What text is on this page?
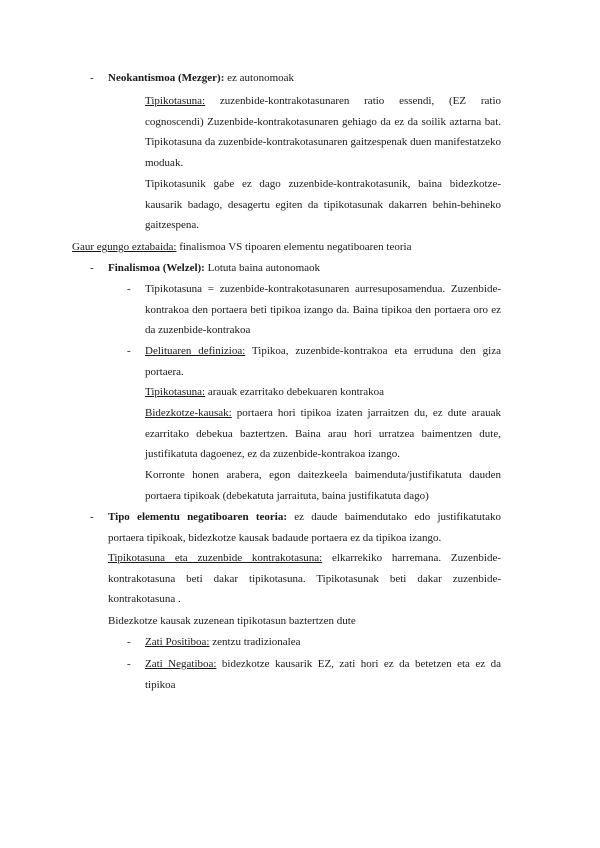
- Neokantismoa (Mezger): ez autonomoak
Tipikotasuna: zuzenbide-kontrakotasunaren ratio essendi, (EZ ratio cognoscendi) Zuzenbide-kontrakotasunaren gehiago da ez da soilik aztarna bat. Tipikotasuna da zuzenbide-kontrakotasunaren gaitzespenak duen manifestatzeko moduak.
Tipikotasunik gabe ez dago zuzenbide-kontrakotasunik, baina bidezkotze-kausarik badago, desagertu egiten da tipikotasunak dakarren behin-behineko gaitzespena.
Gaur egungo eztabaida: finalismoa VS tipoaren elementu negatiboaren teoria
- Finalismoa (Welzel): Lotuta baina autonomaok
- Tipikotasuna = zuzenbide-kontrakotasunaren aurresuposamendua. Zuzenbide-kontrakoa den portaera beti tipikoa izango da. Baina tipikoa den portaera oro ez da zuzenbide-kontrakoa
- Delituaren definizioa: Tipikoa, zuzenbide-kontrakoa eta erruduna den giza portaera.
Tipikotasuna: arauak ezarritako debekuaren kontrakoa
Bidezkotze-kausak: portaera hori tipikoa izaten jarraitzen du, ez dute arauak ezarritako debekua baztertzen. Baina arau hori urratzea baimentzen dute, justifikatuta dagoenez, ez da zuzenbide-kontrakoa izango.
Korronte honen arabera, egon daitezkeela baimenduta/justifikatuta dauden portaera tipikoak (debekatuta jarraituta, baina justifikatuta dago)
- Tipo elementu negatiboaren teoria: ez daude baimendutako edo justifikatutako portaera tipikoak, bidezkotze kausak badaude portaera ez da tipikoa izango.
Tipikotasuna eta zuzenbide kontrakotasuna: elkarrekiko harremana. Zuzenbide-kontrakotasuna beti dakar tipikotasuna. Tipikotasunak beti dakar zuzenbide-kontrakotasuna .
Bidezkotze kausak zuzenean tipikotasun baztertzen dute
- Zati Positiboa: zentzu tradizionalea
- Zati Negatiboa: bidezkotze kausarik EZ, zati hori ez da betetzen eta ez da tipikoa
